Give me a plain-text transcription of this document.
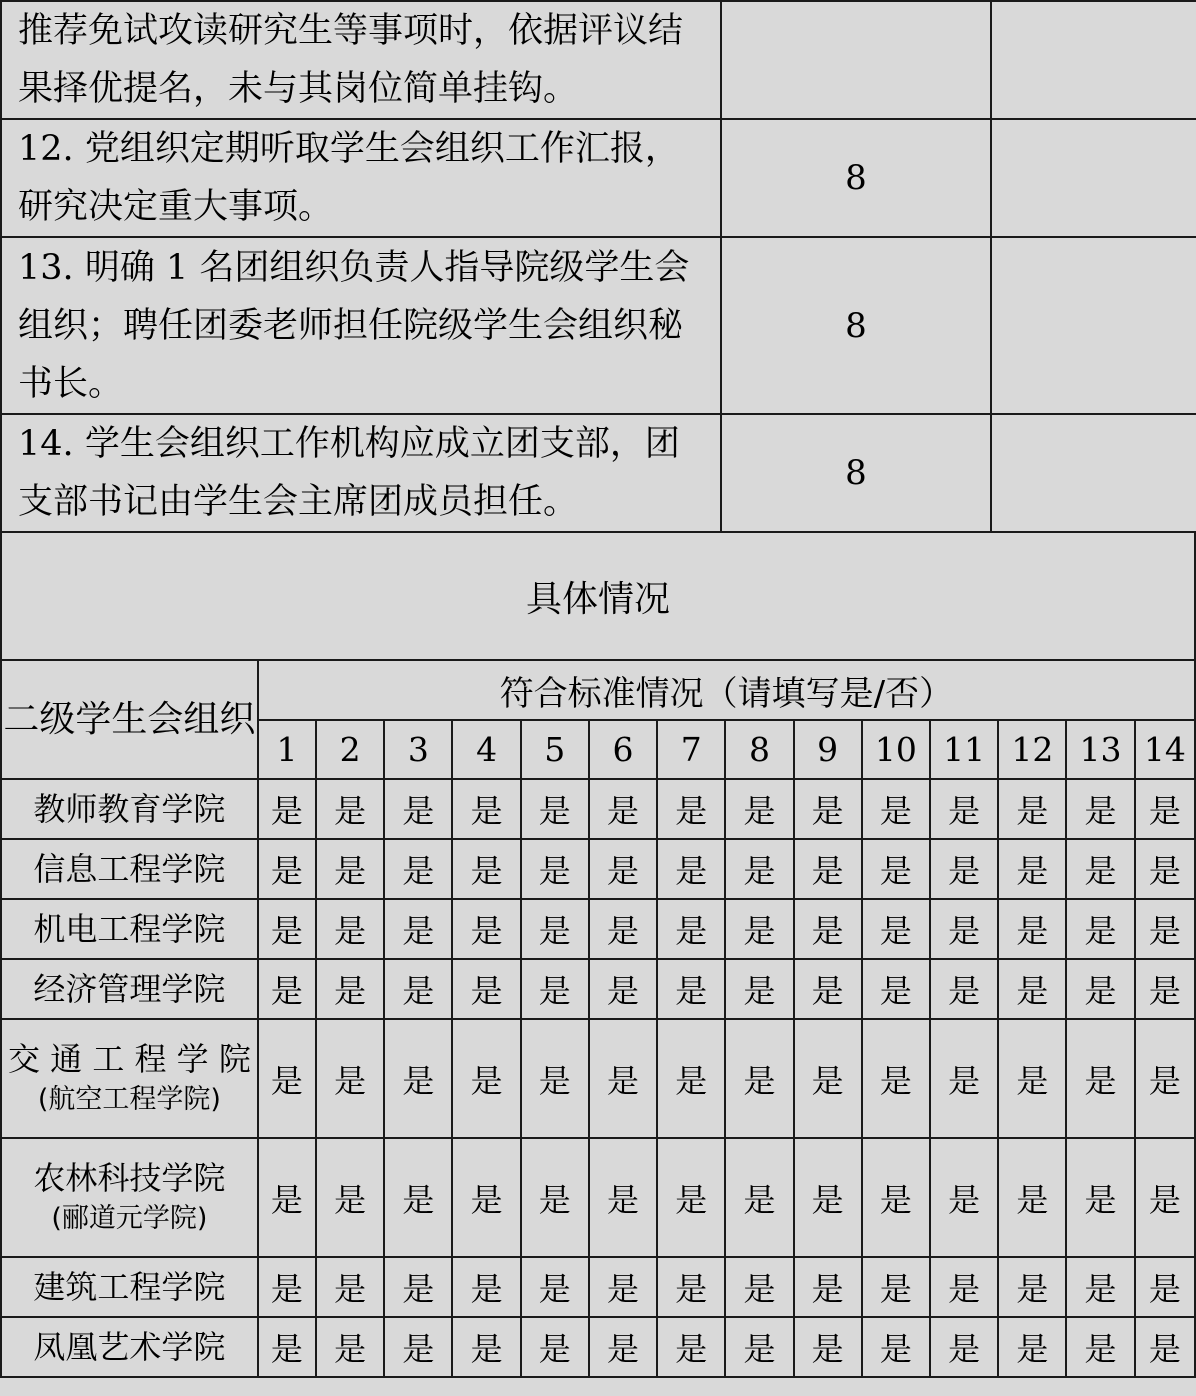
推荐免试攻读研究生等事项时，依据评议结果择优提名，未与其岗位简单挂钩。		
12. 党组织定期听取学生会组织工作汇报，研究决定重大事项。	8	
13. 明确 1 名团组织负责人指导院级学生会组织；聘任团委老师担任院级学生会组织秘书长。	8	
14. 学生会组织工作机构应成立团支部，团支部书记由学生会主席团成员担任。	8	
具体情况
二级学生会组织	符合标准情况（请填写是/否）													
	1	2	3	4	5	6	7	8	9	10	11	12	13	14
教师教育学院	是	是	是	是	是	是	是	是	是	是	是	是	是	是
信息工程学院	是	是	是	是	是	是	是	是	是	是	是	是	是	是
机电工程学院	是	是	是	是	是	是	是	是	是	是	是	是	是	是
经济管理学院	是	是	是	是	是	是	是	是	是	是	是	是	是	是
交 通 工 程 学 院
(航空工程学院)	是	是	是	是	是	是	是	是	是	是	是	是	是	是
农林科技学院
(郦道元学院)	是	是	是	是	是	是	是	是	是	是	是	是	是	是
建筑工程学院	是	是	是	是	是	是	是	是	是	是	是	是	是	是
凤凰艺术学院	是	是	是	是	是	是	是	是	是	是	是	是	是	是
